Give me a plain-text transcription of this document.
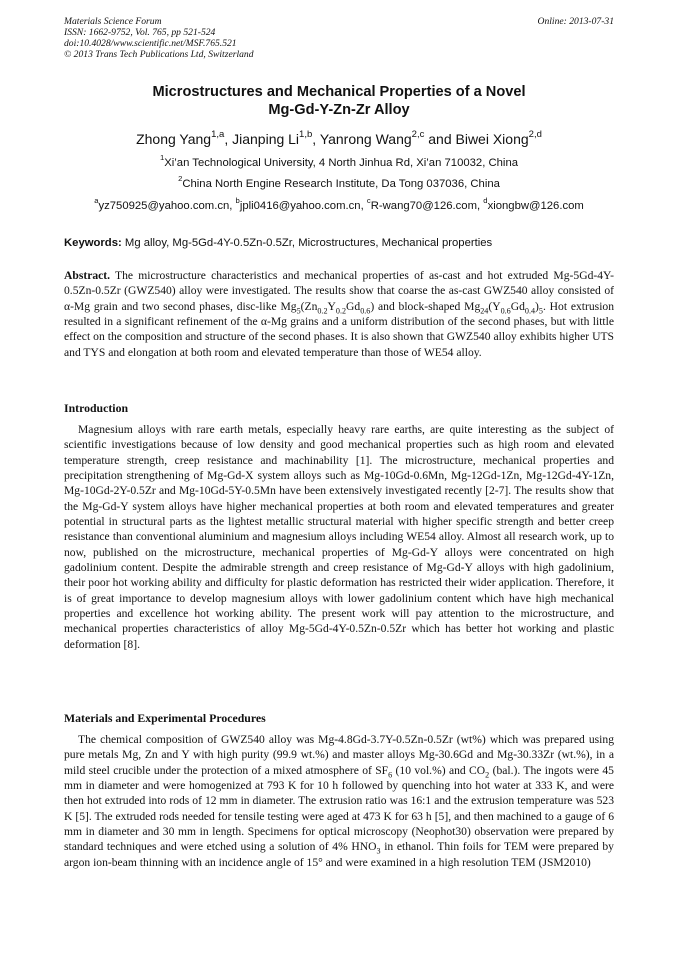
Materials Science Forum
ISSN: 1662-9752, Vol. 765, pp 521-524
doi:10.4028/www.scientific.net/MSF.765.521
© 2013 Trans Tech Publications Ltd, Switzerland
Online: 2013-07-31
Microstructures and Mechanical Properties of a Novel
Mg-Gd-Y-Zn-Zr Alloy
Zhong Yang$^{1,a}$, Jianping Li$^{1,b}$, Yanrong Wang$^{2,c}$ and Biwei Xiong$^{2,d}$
$^1$Xi’an Technological University, 4 North Jinhua Rd, Xi’an 710032, China
$^2$China North Engine Research Institute, Da Tong 037036, China
$^a$yz750925@yahoo.com.cn, $^b$jpli0416@yahoo.com.cn, $^c$R-wang70@126.com, $^d$xiongbw@126.com
Keywords: Mg alloy, Mg-5Gd-4Y-0.5Zn-0.5Zr, Microstructures, Mechanical properties
Abstract. The microstructure characteristics and mechanical properties of as-cast and hot extruded Mg-5Gd-4Y-0.5Zn-0.5Zr (GWZ540) alloy were investigated. The results show that coarse the as-cast GWZ540 alloy consisted of α-Mg grain and two second phases, disc-like $Mg_5(Zn_{0.2}Y_{0.2}Gd_{0.6})$ and block-shaped $Mg_{24}(Y_{0.6}Gd_{0.4})_5$. Hot extrusion resulted in a significant refinement of the α-Mg grains and a uniform distribution of the second phases, but with little effect on the composition and structure of the second phases. It is also shown that GWZ540 alloy exhibits higher UTS and TYS and elongation at both room and elevated temperature than those of WE54 alloy.
Introduction
Magnesium alloys with rare earth metals, especially heavy rare earths, are quite interesting as the subject of scientific investigations because of low density and good mechanical properties such as high room and elevated temperature strength, creep resistance and machinability [1]. The microstructure, mechanical properties and precipitation strengthening of Mg-Gd-X system alloys such as Mg-10Gd-0.6Mn, Mg-12Gd-1Zn, Mg-12Gd-4Y-1Zn, Mg-10Gd-2Y-0.5Zr and Mg-10Gd-5Y-0.5Mn have been extensively investigated recently [2-7]. The results show that the Mg-Gd-Y system alloys have higher mechanical properties at both room and elevated temperatures and greater potential in structural parts as the lightest metallic structural material with higher specific strength and better creep resistance than conventional aluminium and magnesium alloys including WE54 alloy. Almost all research work, up to now, published on the microstructure, mechanical properties of Mg-Gd-Y alloys were concentrated on high gadolinium content. Despite the admirable strength and creep resistance of Mg-Gd-Y alloys with high gadolinium, their poor hot working ability and difficulty for plastic deformation has restricted their wider application. Therefore, it is of great importance to develop magnesium alloys with lower gadolinium content which have high mechanical properties and excellence hot working ability. The present work will pay attention to the microstructure, and mechanical properties characteristics of alloy Mg-5Gd-4Y-0.5Zn-0.5Zr which has better hot working and plastic deformation [8].
Materials and Experimental Procedures
The chemical composition of GWZ540 alloy was Mg-4.8Gd-3.7Y-0.5Zn-0.5Zr (wt%) which was prepared using pure metals Mg, Zn and Y with high purity (99.9 wt.%) and master alloys Mg-30.6Gd and Mg-30.33Zr (wt.%), in a mild steel crucible under the protection of a mixed atmosphere of $SF_6$ (10 vol.%) and $CO_2$ (bal.). The ingots were 45 mm in diameter and were homogenized at 793 K for 10 h followed by quenching into hot water at 333 K, and were then hot extruded into rods of 12 mm in diameter. The extrusion ratio was 16:1 and the extrusion temperature was 523 K [5]. The extruded rods needed for tensile testing were aged at 473 K for 63 h [5], and then machined to a gauge of 6 mm in diameter and 30 mm in length. Specimens for optical microscopy (Neophot30) observation were prepared by standard techniques and were etched using a solution of 4% $HNO_3$ in ethanol. Thin foils for TEM were prepared by argon ion-beam thinning with an incidence angle of 15° and were examined in a high resolution TEM (JSM2010)
